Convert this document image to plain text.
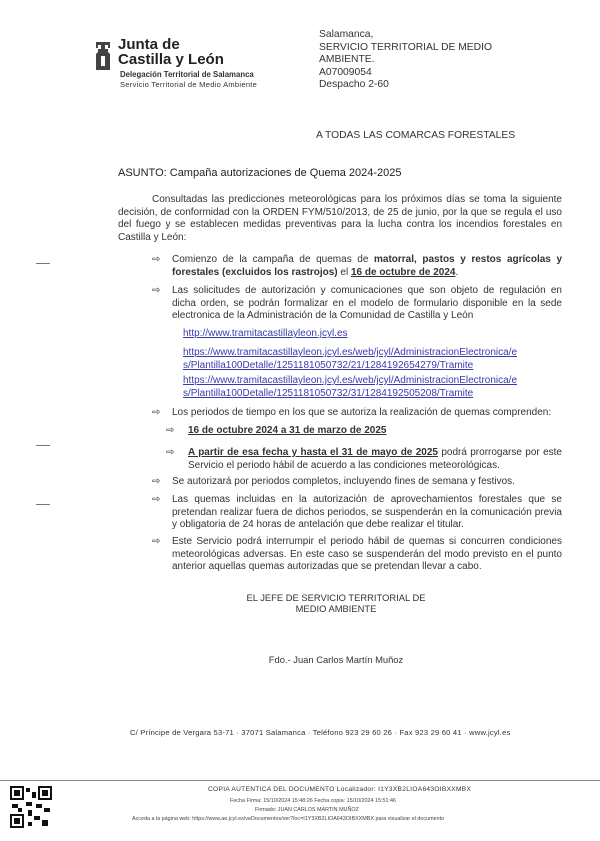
Junta de
Castilla y León
Delegación Territorial de Salamanca
Servicio Territorial de Medio Ambiente
Salamanca,
SERVICIO TERRITORIAL DE MEDIO
AMBIENTE.
A07009054
Despacho 2-60
A TODAS LAS COMARCAS FORESTALES
ASUNTO: Campaña autorizaciones de Quema 2024-2025
Consultadas las predicciones meteorológicas para los próximos días se toma la siguiente decisión, de conformidad con la ORDEN FYM/510/2013, de 25 de junio, por la que se regula el uso del fuego y se establecen medidas preventivas para la lucha contra los incendios forestales en Castilla y León:
⇨ Comienzo de la campaña de quemas de matorral, pastos y restos agrícolas y forestales (excluidos los rastrojos) el 16 de octubre de 2024.
⇨ Las solicitudes de autorización y comunicaciones que son objeto de regulación en dicha orden, se podrán formalizar en el modelo de formulario disponible en la sede electronica de la Administración de la Comunidad de Castilla y León
http://www.tramitacastillayleon.jcyl.es
https://www.tramitacastillayleon.jcyl.es/web/jcyl/AdministracionElectronica/e
s/Plantilla100Detalle/1251181050732/21/1284192654279/Tramite
https://www.tramitacastillayleon.jcyl.es/web/jcyl/AdministracionElectronica/e
s/Plantilla100Detalle/1251181050732/31/1284192505208/Tramite
⇨ Los periodos de tiempo en los que se autoriza la realización de quemas comprenden:
⇨ 16 de octubre 2024 a 31 de marzo de 2025
⇨ A partir de esa fecha y hasta el 31 de mayo de 2025 podrá prorrogarse por este Servicio el periodo hábil de acuerdo a las condiciones meteorológicas.
⇨ Se autorizará por periodos completos, incluyendo fines de semana y festivos.
⇨ Las quemas incluidas en la autorización de aprovechamientos forestales que se pretendan realizar fuera de dichos periodos, se suspenderán en la comunicación previa y obligatoria de 24 horas de antelación que debe realizar el titular.
⇨ Este Servicio podrá interrumpir el periodo hábil de quemas si concurren condiciones meteorológicas adversas. En este caso se suspenderán del modo previsto en el punto anterior aquellas quemas autorizadas que se pretendan llevar a cabo.
EL JEFE DE SERVICIO TERRITORIAL DE
MEDIO AMBIENTE
Fdo.- Juan Carlos Martín Muñoz
C/ Príncipe de Vergara 53-71 · 37071 Salamanca · Teléfono 923 29 60 26 · Fax 923 29 60 41 · www.jcyl.es
COPIA AUTENTICA DEL DOCUMENTO Localizador: I1Y3XB2LIOA643OIBXXMBX
Fecha Firma: 15/10/2024 15:48:26 Fecha copia: 15/10/2024 15:51:46
Firmado: JUAN CARLOS MARTIN MUÑOZ
Acceda a la página web: https://www.ae.jcyl.es/veDocumentos/ver?loc=I1Y3XB2LIOA643OIBXXMBX para visualizar el documento
